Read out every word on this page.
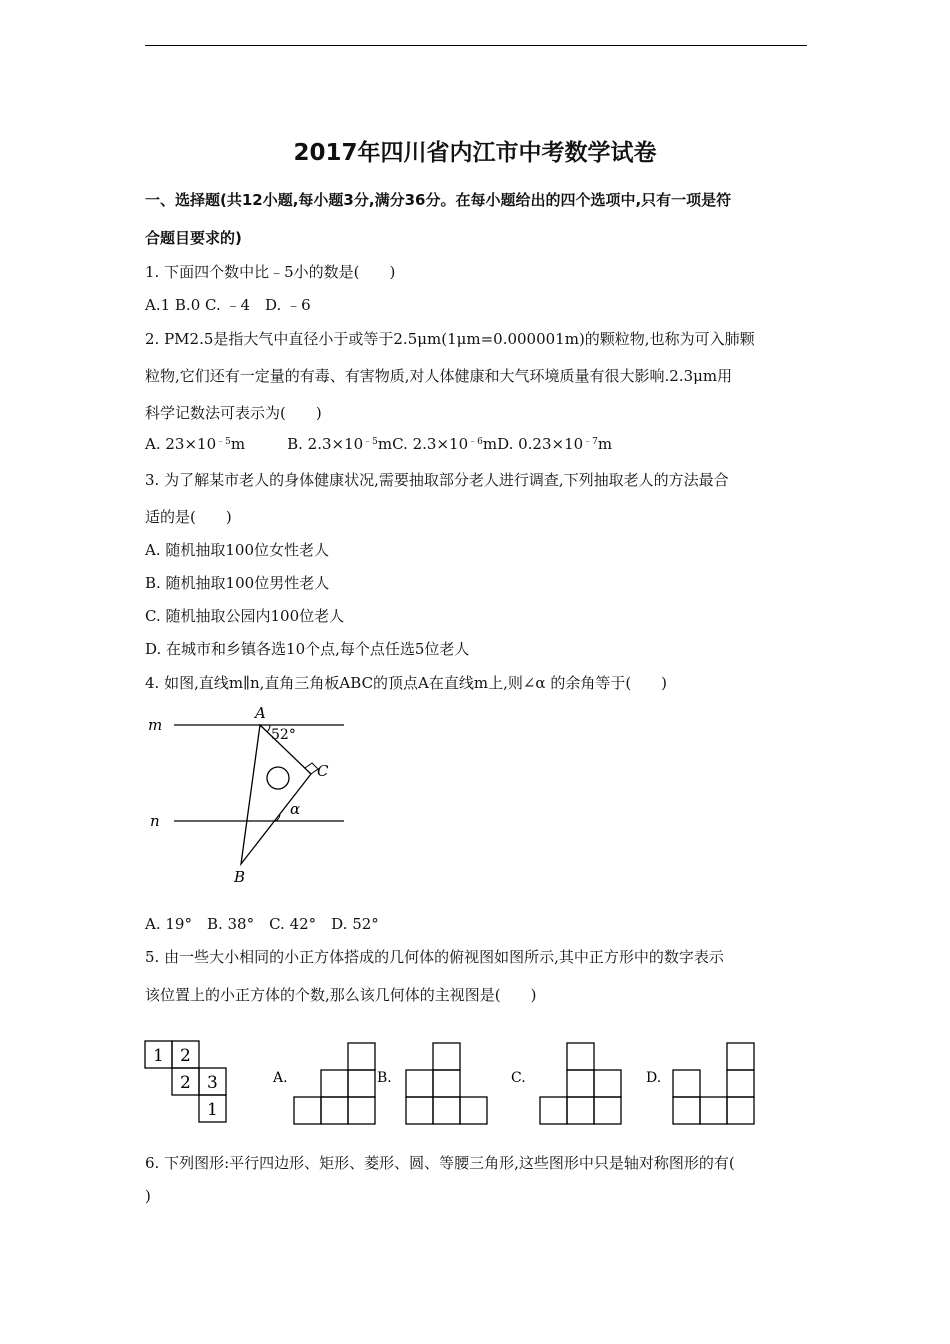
2017年四川省内江市中考数学试卷
一、选择题(共12小题,每小题3分,满分36分。在每小题给出的四个选项中,只有一项是符
合题目要求的)
1. 下面四个数中比﹣5小的数是(　　)
A.1 B.0 C. ﹣4　D. ﹣6
2. PM2.5是指大气中直径小于或等于2.5μm(1μm=0.000001m)的颗粒物,也称为可入肺颗
粒物,它们还有一定量的有毒、有害物质,对人体健康和大气环境质量有很大影响.2.3μm用
科学记数法可表示为(　　)
A. $23\times 10^{﹣5}m$	B. $2.3\times 10^{﹣5}mC$. $2.3\times 10^{﹣6}mD$. $0.23\times 10^{﹣7}m$
3. 为了解某市老人的身体健康状况,需要抽取部分老人进行调查,下列抽取老人的方法最合
适的是(　　)
A. 随机抽取100位女性老人
B. 随机抽取100位男性老人
C. 随机抽取公园内100位老人
D. 在城市和乡镇各选10个点,每个点任选5位老人
4. 如图,直线m∥n,直角三角板ABC的顶点A在直线m上,则∠α 的余角等于(　　)
m
n
A
52°
C
α
B
A. 19°　B. 38°　C. 42°　D. 52°
5. 由一些大小相同的小正方体搭成的几何体的俯视图如图所示,其中正方形中的数字表示
该位置上的小正方体的个数,那么该几何体的主视图是(　　)
1 2
2 3
1
A.	B.	C.	D.
6. 下列图形:平行四边形、矩形、菱形、圆、等腰三角形,这些图形中只是轴对称图形的有(
)
